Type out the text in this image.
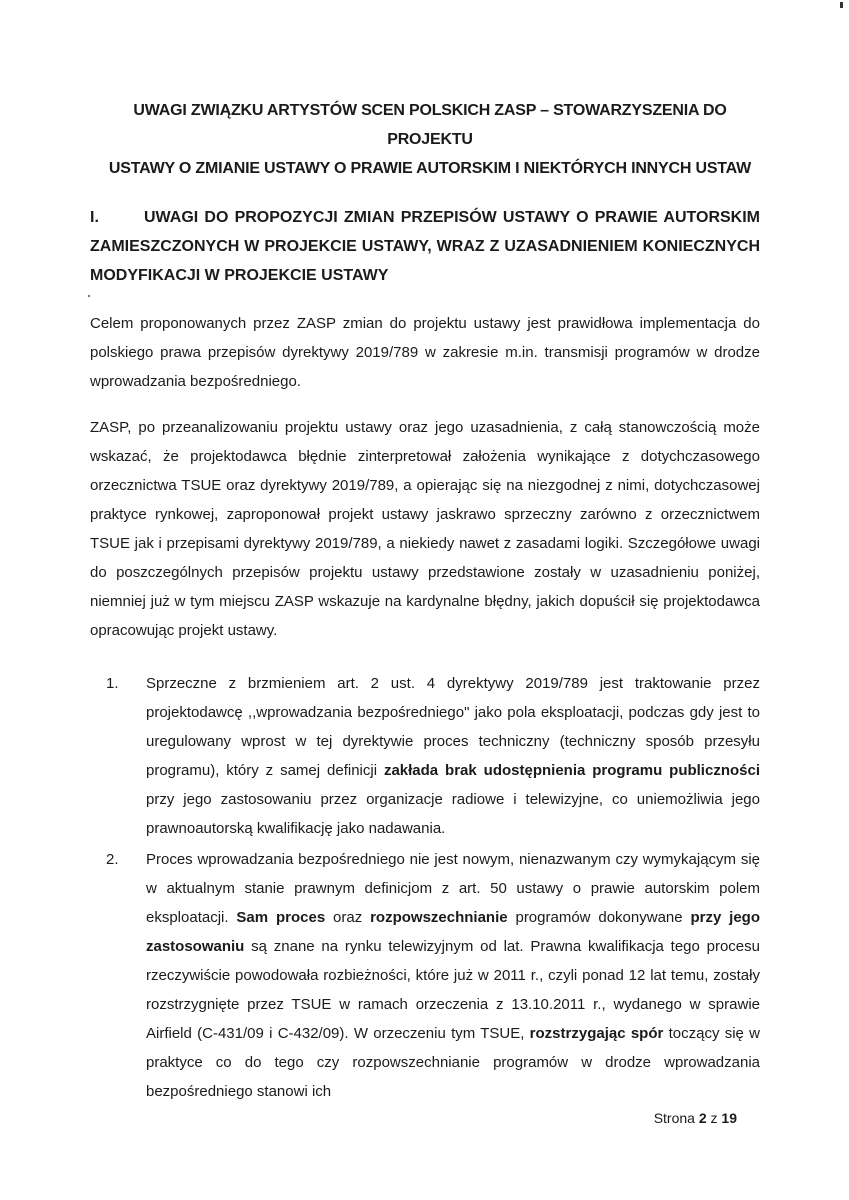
UWAGI ZWIĄZKU ARTYSTÓW SCEN POLSKICH ZASP – STOWARZYSZENIA DO PROJEKTU
USTAWY O ZMIANIE USTAWY O PRAWIE AUTORSKIM I NIEKTÓRYCH INNYCH USTAW
I.	UWAGI DO PROPOZYCJI ZMIAN PRZEPISÓW USTAWY O PRAWIE AUTORSKIM ZAMIESZCZONYCH W PROJEKCIE USTAWY, WRAZ Z UZASADNIENIEM KONIECZNYCH MODYFIKACJI W PROJEKCIE USTAWY
Celem proponowanych przez ZASP zmian do projektu ustawy jest prawidłowa implementacja do polskiego prawa przepisów dyrektywy 2019/789 w zakresie m.in. transmisji programów w drodze wprowadzania bezpośredniego.
ZASP, po przeanalizowaniu projektu ustawy oraz jego uzasadnienia, z całą stanowczością może wskazać, że projektodawca błędnie zinterpretował założenia wynikające z dotychczasowego orzecznictwa TSUE oraz dyrektywy 2019/789, a opierając się na niezgodnej z nimi, dotychczasowej praktyce rynkowej, zaproponował projekt ustawy jaskrawo sprzeczny zarówno z orzecznictwem TSUE jak i przepisami dyrektywy 2019/789, a niekiedy nawet z zasadami logiki. Szczegółowe uwagi do poszczególnych przepisów projektu ustawy przedstawione zostały w uzasadnieniu poniżej, niemniej już w tym miejscu ZASP wskazuje na kardynalne błędny, jakich dopuścił się projektodawca opracowując projekt ustawy.
1.	Sprzeczne z brzmieniem art. 2 ust. 4 dyrektywy 2019/789 jest traktowanie przez projektodawcę ,,wprowadzania bezpośredniego" jako pola eksploatacji, podczas gdy jest to uregulowany wprost w tej dyrektywie proces techniczny (techniczny sposób przesyłu programu), który z samej definicji zakłada brak udostępnienia programu publiczności przy jego zastosowaniu przez organizacje radiowe i telewizyjne, co uniemożliwia jego prawnoautorską kwalifikację jako nadawania.
2.	Proces wprowadzania bezpośredniego nie jest nowym, nienazwanym czy wymykającym się w aktualnym stanie prawnym definicjom z art. 50 ustawy o prawie autorskim polem eksploatacji. Sam proces oraz rozpowszechnianie programów dokonywane przy jego zastosowaniu są znane na rynku telewizyjnym od lat. Prawna kwalifikacja tego procesu rzeczywiście powodowała rozbieżności, które już w 2011 r., czyli ponad 12 lat temu, zostały rozstrzygnięte przez TSUE w ramach orzeczenia z 13.10.2011 r., wydanego w sprawie Airfield (C-431/09 i C-432/09). W orzeczeniu tym TSUE, rozstrzygając spór toczący się w praktyce co do tego czy rozpowszechnianie programów w drodze wprowadzania bezpośredniego stanowi ich
Strona 2 z 19
